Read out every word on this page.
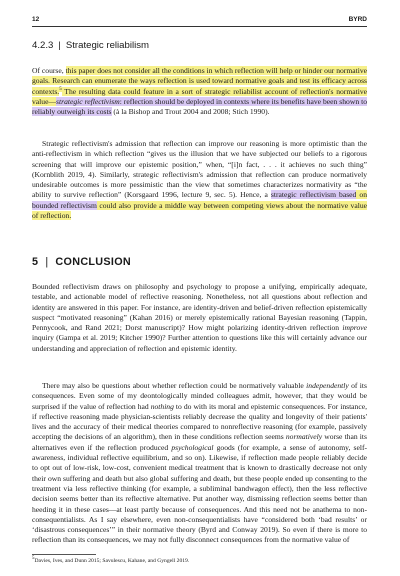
12	BYRD
4.2.3 | Strategic reliabilism

Of course, this paper does not consider all the conditions in which reflection will help or hinder our normative goals. Research can enumerate the ways reflection is used toward normative goals and test its efficacy across contexts.$^5$ The resulting data could feature in a sort of strategic reliabilist account of reflection's normative value—strategic reflectivism: reflection should be deployed in contexts where its benefits have been shown to reliably outweigh its costs (à la Bishop and Trout 2004 and 2008; Stich 1990).

Strategic reflectivism's admission that reflection can improve our reasoning is more optimistic than the anti-reflectivism in which reflection “gives us the illusion that we have subjected our beliefs to a rigorous screening that will improve our epistemic position,” when, “[i]n fact, . . . it achieves no such thing” (Kornblith 2019, 4). Similarly, strategic reflectivism's admission that reflection can produce normatively undesirable outcomes is more pessimistic than the view that sometimes characterizes normativity as “the ability to survive reflection” (Korsgaard 1996, lecture 9, sec. 5). Hence, a strategic reflectivism based on bounded reflectivism could also provide a middle way between competing views about the normative value of reflection.

5 | CONCLUSION

Bounded reflectivism draws on philosophy and psychology to propose a unifying, empirically adequate, testable, and actionable model of reflective reasoning. Nonetheless, not all questions about reflection and identity are answered in this paper. For instance, are identity-driven and belief-driven reflection epistemically suspect “motivated reasoning” (Kahan 2016) or merely epistemically rational Bayesian reasoning (Tappin, Pennycook, and Rand 2021; Dorst manuscript)? How might polarizing identity-driven reflection improve inquiry (Gampa et al. 2019; Kitcher 1990)? Further attention to questions like this will certainly advance our understanding and appreciation of reflection and epistemic identity.

There may also be questions about whether reflection could be normatively valuable independently of its consequences. Even some of my deontologically minded colleagues admit, however, that they would be surprised if the value of reflection had nothing to do with its moral and epistemic consequences. For instance, if reflective reasoning made physician-scientists reliably decrease the quality and longevity of their patients' lives and the accuracy of their medical theories compared to nonreflective reasoning (for example, passively accepting the decisions of an algorithm), then in these conditions reflection seems normatively worse than its alternatives even if the reflection produced psychological goods (for example, a sense of autonomy, self-awareness, individual reflective equilibrium, and so on). Likewise, if reflection made people reliably decide to opt out of low-risk, low-cost, convenient medical treatment that is known to drastically decrease not only their own suffering and death but also global suffering and death, but these people ended up consenting to the treatment via less reflective thinking (for example, a subliminal bandwagon effect), then the less reflective decision seems better than its reflective alternative. Put another way, dismissing reflection seems better than heeding it in these cases—at least partly because of consequences. And this need not be anathema to non-consequentialists. As I say elsewhere, even non-consequentialists have “considered both ‘bad results’ or ‘disastrous consequences’” in their normative theory (Byrd and Conway 2019). So even if there is more to reflection than its consequences, we may not fully disconnect consequences from the normative value of

$^5$Davies, Ives, and Dunn 2015; Savulescu, Kahane, and Gyngell 2019.
